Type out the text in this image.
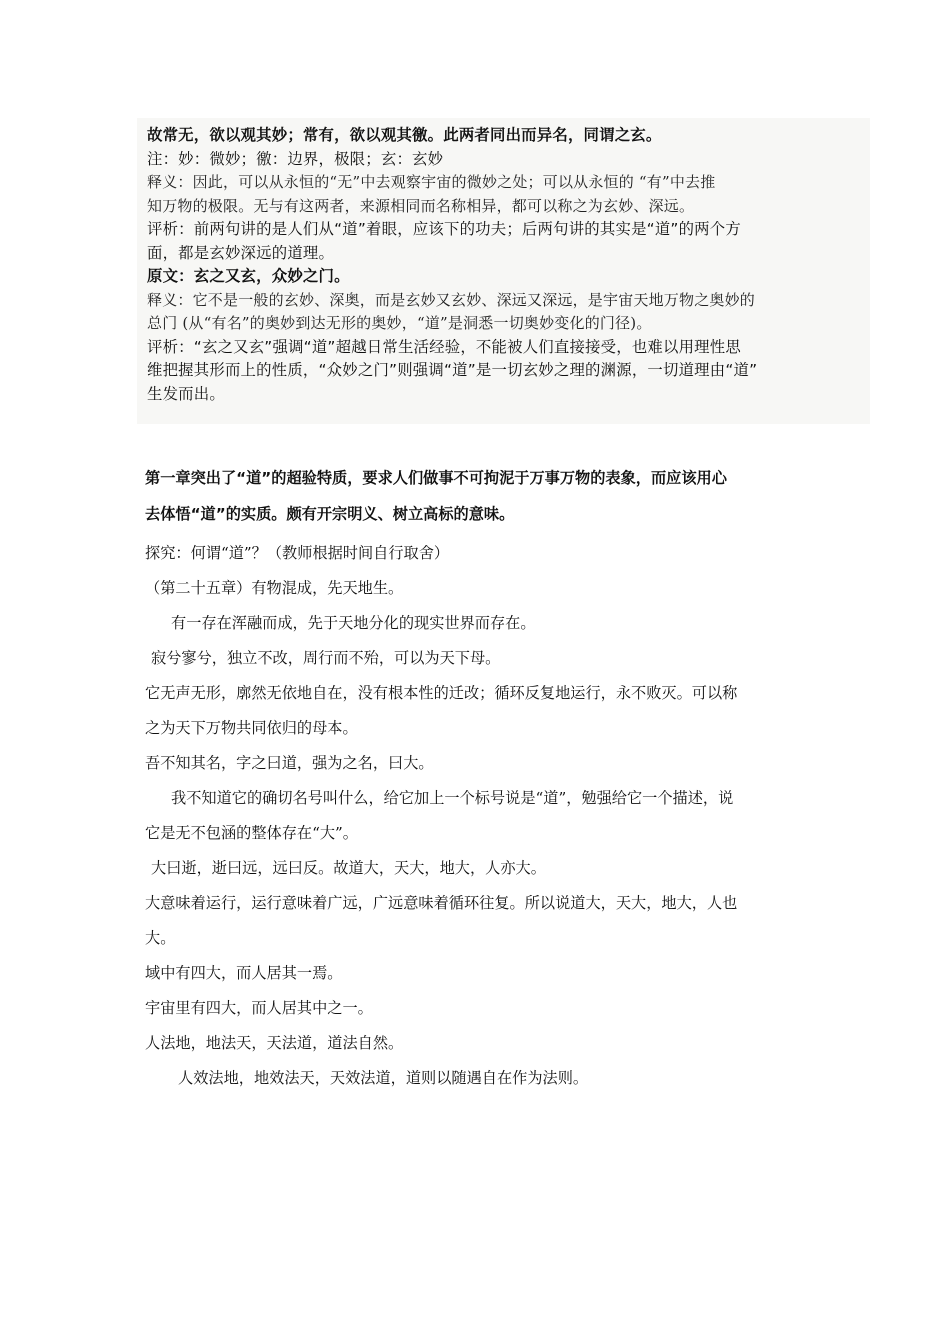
故常无，欲以观其妙；常有，欲以观其徼。此两者同出而异名，同谓之玄。

注：妙：微妙；徼：边界，极限；玄：玄妙

释义：因此，可以从永恒的“无”中去观察宇宙的微妙之处；可以从永恒的 “有”中去推

知万物的极限。无与有这两者，来源相同而名称相异，都可以称之为玄妙、深远。

评析：前两句讲的是人们从“道”着眼，应该下的功夫；后两句讲的其实是“道”的两个方

面，都是玄妙深远的道理。

原文：玄之又玄，众妙之门。

释义：它不是一般的玄妙、深奥，而是玄妙又玄妙、深远又深远，是宇宙天地万物之奥妙的

总门 (从“有名”的奥妙到达无形的奥妙，“道”是洞悉一切奥妙变化的门径)。

评析：“玄之又玄”强调“道”超越日常生活经验，不能被人们直接接受，也难以用理性思

维把握其形而上的性质，“众妙之门”则强调“道”是一切玄妙之理的渊源，一切道理由“道”

生发而出。

第一章突出了“道”的超验特质，要求人们做事不可拘泥于万事万物的表象，而应该用心

去体悟“道”的实质。颇有开宗明义、树立高标的意味。

探究：何谓“道”？（教师根据时间自行取舍）

（第二十五章）有物混成，先天地生。

有一存在浑融而成，先于天地分化的现实世界而存在。

寂兮寥兮，独立不改，周行而不殆，可以为天下母。

它无声无形，廓然无依地自在，没有根本性的迁改；循环反复地运行，永不败灭。可以称

之为天下万物共同依归的母本。

吾不知其名，字之曰道，强为之名，曰大。

我不知道它的确切名号叫什么，给它加上一个标号说是“道”，勉强给它一个描述，说

它是无不包涵的整体存在“大”。

大曰逝，逝曰远，远曰反。故道大，天大，地大，人亦大。

大意味着运行，运行意味着广远，广远意味着循环往复。所以说道大，天大，地大，人也

大。

域中有四大，而人居其一焉。

宇宙里有四大，而人居其中之一。

人法地，地法天，天法道，道法自然。

人效法地，地效法天，天效法道，道则以随遇自在作为法则。
